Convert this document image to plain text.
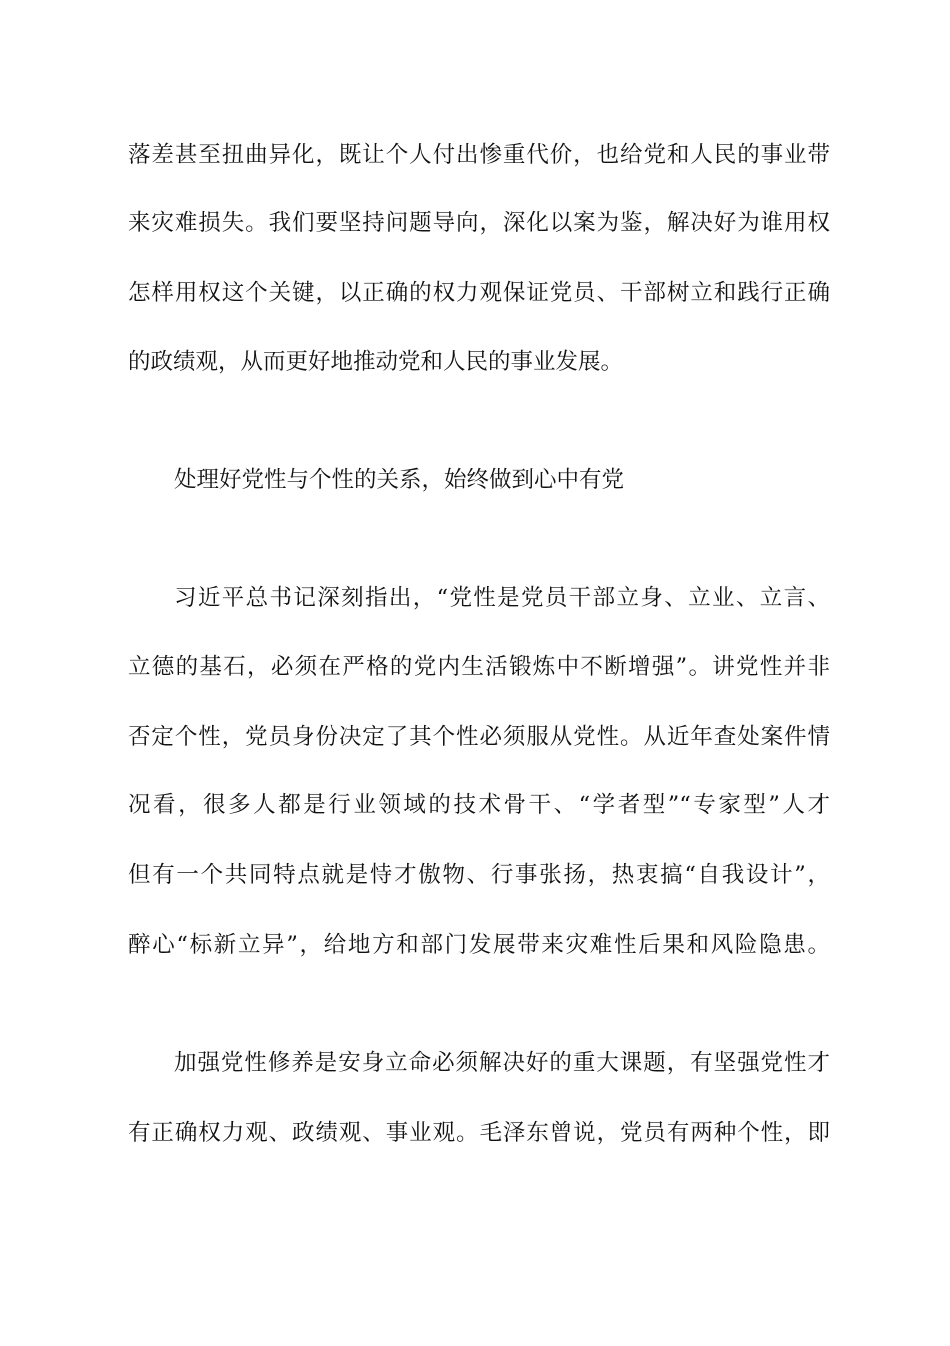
落差甚至扭曲异化，既让个人付出惨重代价，也给党和人民的事业带
来灾难损失。我们要坚持问题导向，深化以案为鉴，解决好为谁用权
怎样用权这个关键，以正确的权力观保证党员、干部树立和践行正确
的政绩观，从而更好地推动党和人民的事业发展。
处理好党性与个性的关系，始终做到心中有党
习近平总书记深刻指出，“党性是党员干部立身、立业、立言、
立德的基石，必须在严格的党内生活锻炼中不断增强”。讲党性并非
否定个性，党员身份决定了其个性必须服从党性。从近年查处案件情
况看，很多人都是行业领域的技术骨干、“学者型”“专家型”人才
但有一个共同特点就是恃才傲物、行事张扬，热衷搞“自我设计”，
醉心“标新立异”，给地方和部门发展带来灾难性后果和风险隐患。
加强党性修养是安身立命必须解决好的重大课题，有坚强党性才
有正确权力观、政绩观、事业观。毛泽东曾说，党员有两种个性，即
